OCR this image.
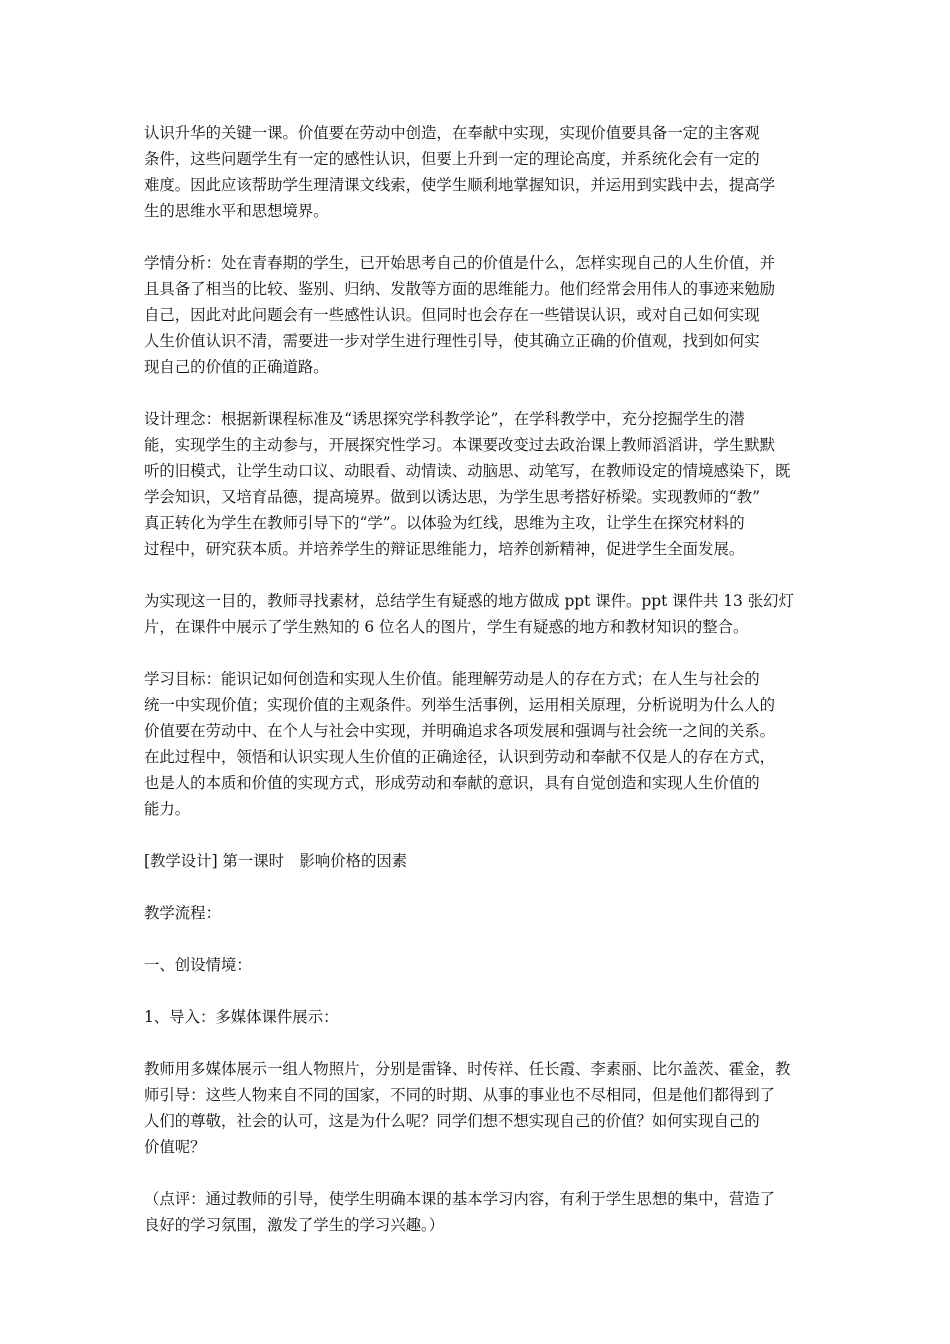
认识升华的关键一课。价值要在劳动中创造，在奉献中实现，实现价值要具备一定的主客观
条件，这些问题学生有一定的感性认识，但要上升到一定的理论高度，并系统化会有一定的
难度。因此应该帮助学生理清课文线索，使学生顺利地掌握知识，并运用到实践中去，提高学
生的思维水平和思想境界。
学情分析：处在青春期的学生，已开始思考自己的价值是什么，怎样实现自己的人生价值，并
且具备了相当的比较、鉴别、归纳、发散等方面的思维能力。他们经常会用伟人的事迹来勉励
自己，因此对此问题会有一些感性认识。但同时也会存在一些错误认识，或对自己如何实现
人生价值认识不清，需要进一步对学生进行理性引导，使其确立正确的价值观，找到如何实
现自己的价值的正确道路。
设计理念：根据新课程标准及“诱思探究学科教学论”，在学科教学中，充分挖掘学生的潜
能，实现学生的主动参与，开展探究性学习。本课要改变过去政治课上教师滔滔讲，学生默默
听的旧模式，让学生动口议、动眼看、动情读、动脑思、动笔写，在教师设定的情境感染下，既
学会知识，又培育品德，提高境界。做到以诱达思，为学生思考搭好桥梁。实现教师的“教”
真正转化为学生在教师引导下的“学”。以体验为红线，思维为主攻，让学生在探究材料的
过程中，研究获本质。并培养学生的辩证思维能力，培养创新精神，促进学生全面发展。
为实现这一目的，教师寻找素材，总结学生有疑惑的地方做成 ppt 课件。ppt 课件共 13 张幻灯
片，在课件中展示了学生熟知的 6 位名人的图片，学生有疑惑的地方和教材知识的整合。
学习目标：能识记如何创造和实现人生价值。能理解劳动是人的存在方式；在人生与社会的
统一中实现价值；实现价值的主观条件。列举生活事例，运用相关原理，分析说明为什么人的
价值要在劳动中、在个人与社会中实现，并明确追求各项发展和强调与社会统一之间的关系。
在此过程中，领悟和认识实现人生价值的正确途径，认识到劳动和奉献不仅是人的存在方式，
也是人的本质和价值的实现方式，形成劳动和奉献的意识，具有自觉创造和实现人生价值的
能力。
[教学设计] 第一课时　影响价格的因素
教学流程：
一、创设情境：
1、导入：多媒体课件展示：
教师用多媒体展示一组人物照片，分别是雷锋、时传祥、任长霞、李素丽、比尔盖茨、霍金，教
师引导：这些人物来自不同的国家，不同的时期、从事的事业也不尽相同，但是他们都得到了
人们的尊敬，社会的认可，这是为什么呢？同学们想不想实现自己的价值？如何实现自己的
价值呢？
（点评：通过教师的引导，使学生明确本课的基本学习内容，有利于学生思想的集中，营造了
良好的学习氛围，激发了学生的学习兴趣。）
